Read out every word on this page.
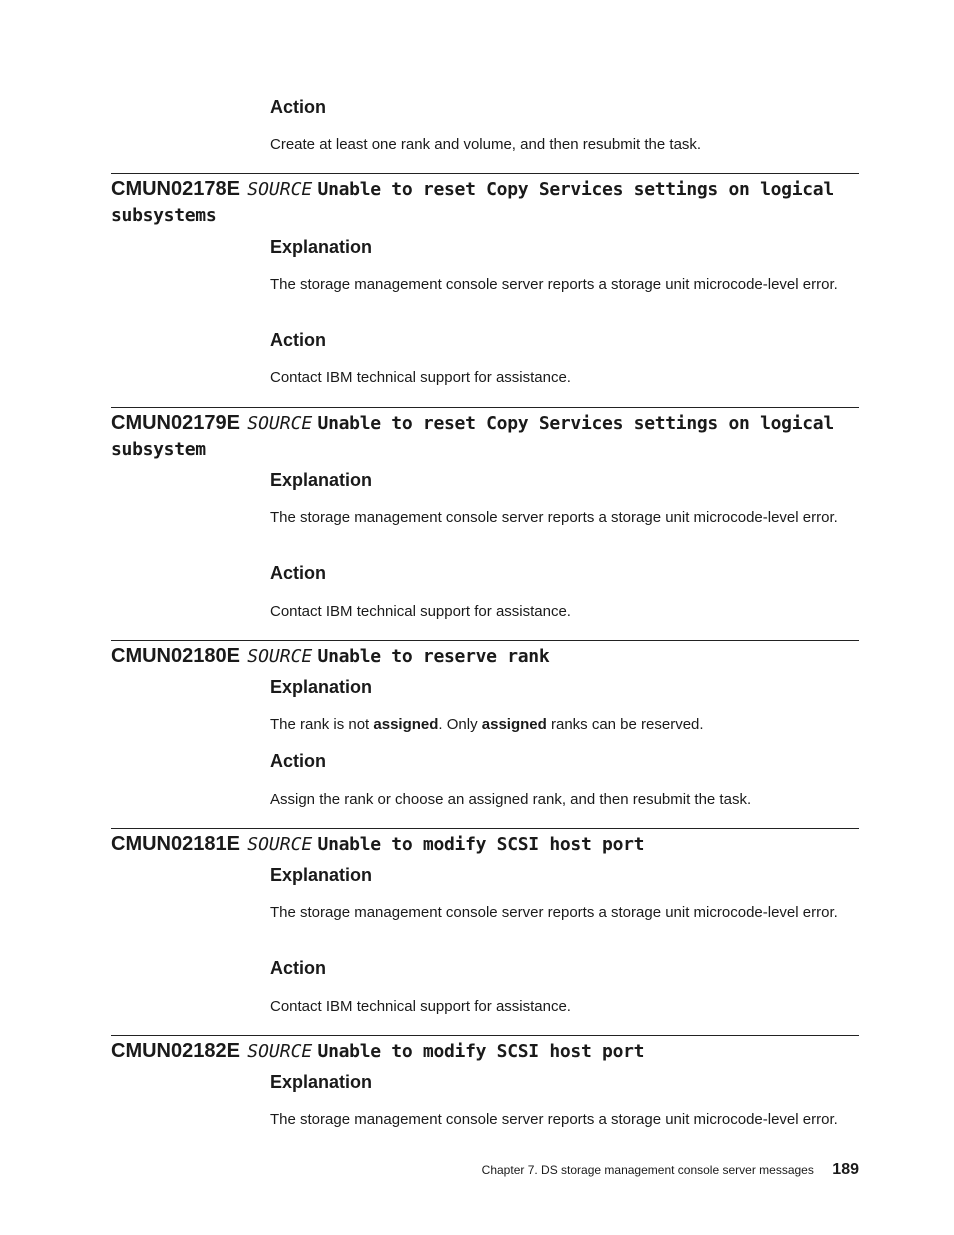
Action

Create at least one rank and volume, and then resubmit the task.

CMUN02178E SOURCE Unable to reset Copy Services settings on logical subsystems
Explanation

The storage management console server reports a storage unit microcode-level error.

Action

Contact IBM technical support for assistance.

CMUN02179E SOURCE Unable to reset Copy Services settings on logical subsystem
Explanation

The storage management console server reports a storage unit microcode-level error.

Action

Contact IBM technical support for assistance.

CMUN02180E SOURCE Unable to reserve rank
Explanation

The rank is not assigned. Only assigned ranks can be reserved.

Action

Assign the rank or choose an assigned rank, and then resubmit the task.

CMUN02181E SOURCE Unable to modify SCSI host port
Explanation

The storage management console server reports a storage unit microcode-level error.

Action

Contact IBM technical support for assistance.

CMUN02182E SOURCE Unable to modify SCSI host port
Explanation

The storage management console server reports a storage unit microcode-level error.

Chapter 7. DS storage management console server messages 189
